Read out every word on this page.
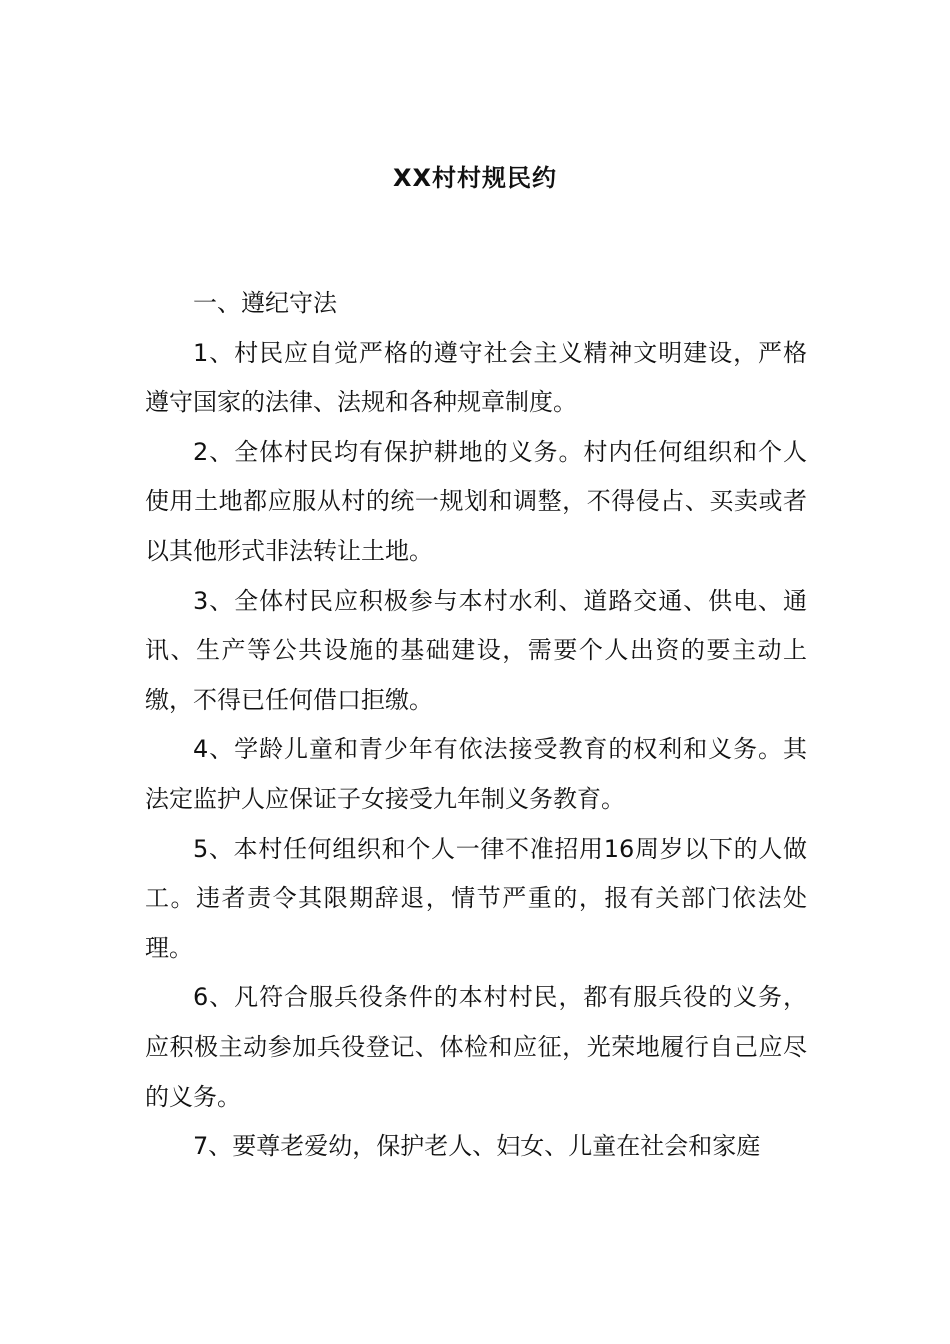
XX村村规民约

一、遵纪守法

1、村民应自觉严格的遵守社会主义精神文明建设，严格遵守国家的法律、法规和各种规章制度。

2、全体村民均有保护耕地的义务。村内任何组织和个人使用土地都应服从村的统一规划和调整，不得侵占、买卖或者以其他形式非法转让土地。

3、全体村民应积极参与本村水利、道路交通、供电、通讯、生产等公共设施的基础建设，需要个人出资的要主动上缴，不得已任何借口拒缴。

4、学龄儿童和青少年有依法接受教育的权利和义务。其法定监护人应保证子女接受九年制义务教育。

5、本村任何组织和个人一律不准招用16周岁以下的人做工。违者责令其限期辞退，情节严重的，报有关部门依法处理。

6、凡符合服兵役条件的本村村民，都有服兵役的义务，应积极主动参加兵役登记、体检和应征，光荣地履行自己应尽的义务。

7、要尊老爱幼，保护老人、妇女、儿童在社会和家庭
